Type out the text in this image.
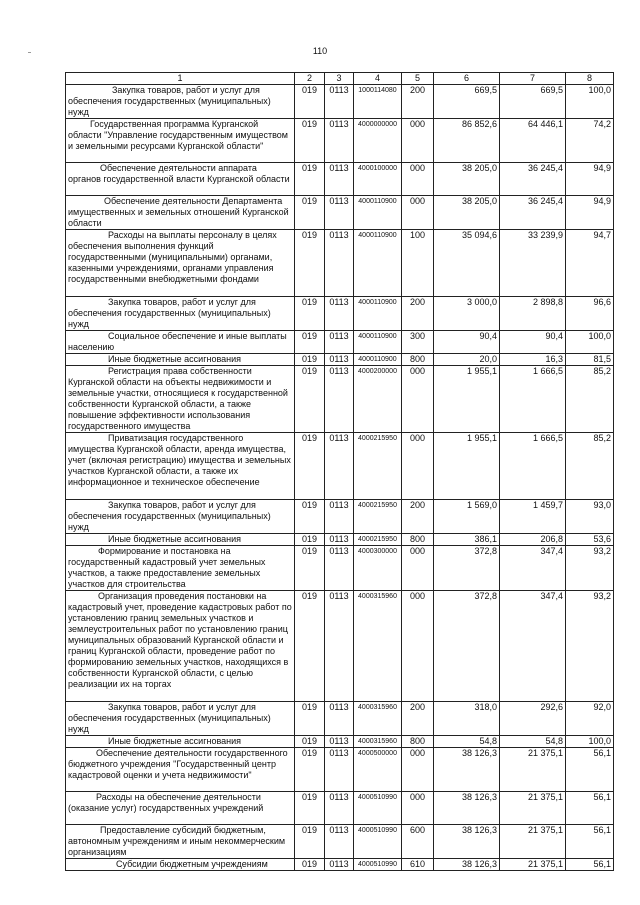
110
1	2	3	4	5	6	7	8
Закупка товаров, работ и услуг для обеспечения государственных (муниципальных) нужд	019	0113	1000114080	200	669,5	669,5	100,0
Государственная программа Курганской области "Управление государственным имуществом и земельными ресурсами Курганской области"	019	0113	4000000000	000	86 852,6	64 446,1	74,2
Обеспечение деятельности аппарата органов государственной власти Курганской области	019	0113	4000100000	000	38 205,0	36 245,4	94,9
Обеспечение деятельности Департамента имущественных и земельных отношений Курганской области	019	0113	4000110900	000	38 205,0	36 245,4	94,9
Расходы на выплаты персоналу в целях обеспечения выполнения функций государственными (муниципальными) органами, казенными учреждениями, органами управления государственными внебюджетными фондами	019	0113	4000110900	100	35 094,6	33 239,9	94,7
Закупка товаров, работ и услуг для обеспечения государственных (муниципальных) нужд	019	0113	4000110900	200	3 000,0	2 898,8	96,6
Социальное обеспечение и иные выплаты населению	019	0113	4000110900	300	90,4	90,4	100,0
Иные бюджетные ассигнования	019	0113	4000110900	800	20,0	16,3	81,5
Регистрация права собственности Курганской области на объекты недвижимости и земельные участки, относящиеся к государственной собственности Курганской области, а также повышение эффективности использования государственного имущества	019	0113	4000200000	000	1 955,1	1 666,5	85,2
Приватизация государственного имущества Курганской области, аренда имущества, учет (включая регистрацию) имущества и земельных участков Курганской области, а также их информационное и техническое обеспечение	019	0113	4000215950	000	1 955,1	1 666,5	85,2
Закупка товаров, работ и услуг для обеспечения государственных (муниципальных) нужд	019	0113	4000215950	200	1 569,0	1 459,7	93,0
Иные бюджетные ассигнования	019	0113	4000215950	800	386,1	206,8	53,6
Формирование и постановка на государственный кадастровый учет земельных участков, а также предоставление земельных участков для строительства	019	0113	4000300000	000	372,8	347,4	93,2
Организация проведения постановки на кадастровый учет, проведение кадастровых работ по установлению границ земельных участков и землеустроительных работ по установлению границ муниципальных образований Курганской области и границ Курганской области, проведение работ по формированию земельных участков, находящихся в собственности Курганской области, с целью реализации их на торгах	019	0113	4000315960	000	372,8	347,4	93,2
Закупка товаров, работ и услуг для обеспечения государственных (муниципальных) нужд	019	0113	4000315960	200	318,0	292,6	92,0
Иные бюджетные ассигнования	019	0113	4000315960	800	54,8	54,8	100,0
Обеспечение деятельности государственного бюджетного учреждения "Государственный центр кадастровой оценки и учета недвижимости"	019	0113	4000500000	000	38 126,3	21 375,1	56,1
Расходы на обеспечение деятельности (оказание услуг) государственных учреждений	019	0113	4000510990	000	38 126,3	21 375,1	56,1
Предоставление субсидий бюджетным, автономным учреждениям и иным некоммерческим организациям	019	0113	4000510990	600	38 126,3	21 375,1	56,1
Субсидии бюджетным учреждениям	019	0113	4000510990	610	38 126,3	21 375,1	56,1
